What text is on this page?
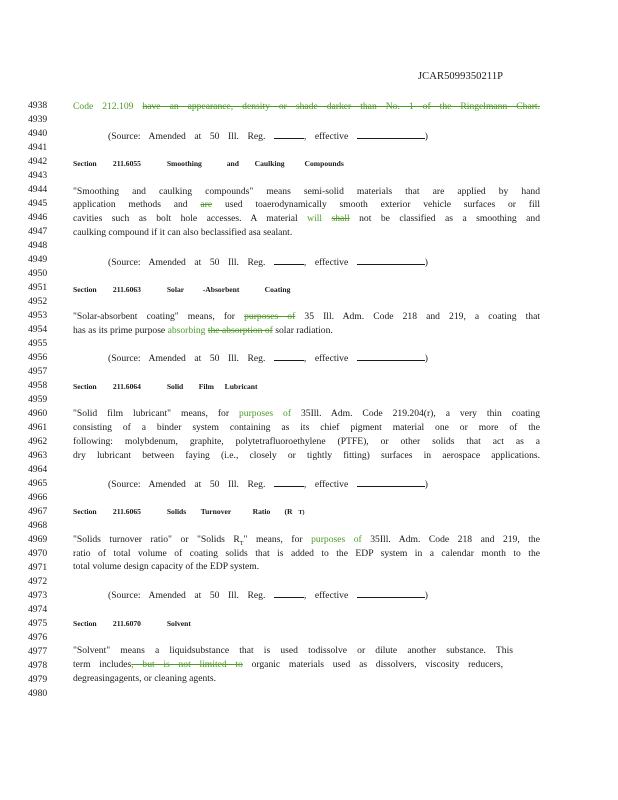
JCAR5099350211P
4938
4939
4940
4941
4942
4943
4944
4945
4946
4947
4948
4949
4950
4951
4952
4953
4954
4955
4956
4957
4958
4959
4960
4961
4962
4963
4964
4965
4966
4967
4968
4969
4970
4971
4972
4973
4974
4975
4976
4977
4978
4979
4980
Code 212.109 have an appearance, density or shade darker than No. 1 of the Ringelmann Chart.
(Source: Amended at 50 Ill. Reg.	, effective	)
Section 211.6055	Smoothing	and Caulking	Compounds
"Smoothing and caulking compounds" means semi-solid materials that are applied by hand
application methods and are used toaerodynamically smooth exterior vehicle surfaces or fill
cavities such as bolt hole accesses. A material will shall not be classified as a smoothing and
caulking compound if it can also beclassified asa sealant.
(Source: Amended at 50 Ill. Reg.	, effective	)
Section 211.6063	Solar -Absorbent	Coating
"Solar-absorbent coating" means, for purposes of 35 Ill. Adm. Code 218 and 219, a coating that
has as its prime purpose absorbing the absorption of solar radiation.
(Source: Amended at 50 Ill. Reg.	, effective	)
Section 211.6064	Solid Film Lubricant
"Solid film lubricant" means, for purposes of 35Ill. Adm. Code 219.204(r), a very thin coating
consisting of a binder system containing as its chief pigment material one or more of the
following: molybdenum, graphite, polytetrafluoroethylene (PTFE), or other solids that act as a
dry lubricant between faying (i.e., closely or tightly fitting) surfaces in aerospace applications.
(Source: Amended at 50 Ill. Reg.	, effective	)
Section 211.6065	Solids Turnover	Ratio (R T)
"Solids turnover ratio" or "Solids $R_T$" means, for purposes of 35Ill. Adm. Code 218 and 219, the
ratio of total volume of coating solids that is added to the EDP system in a calendar month to the
total volume design capacity of the EDP system.
(Source: Amended at 50 Ill. Reg.	, effective	)
Section 211.6070	Solvent
"Solvent" means a liquidsubstance that is used todissolve or dilute another substance. This
term includes, but is not limited to organic materials used as dissolvers, viscosity reducers,
degreasingagents, or cleaning agents.
